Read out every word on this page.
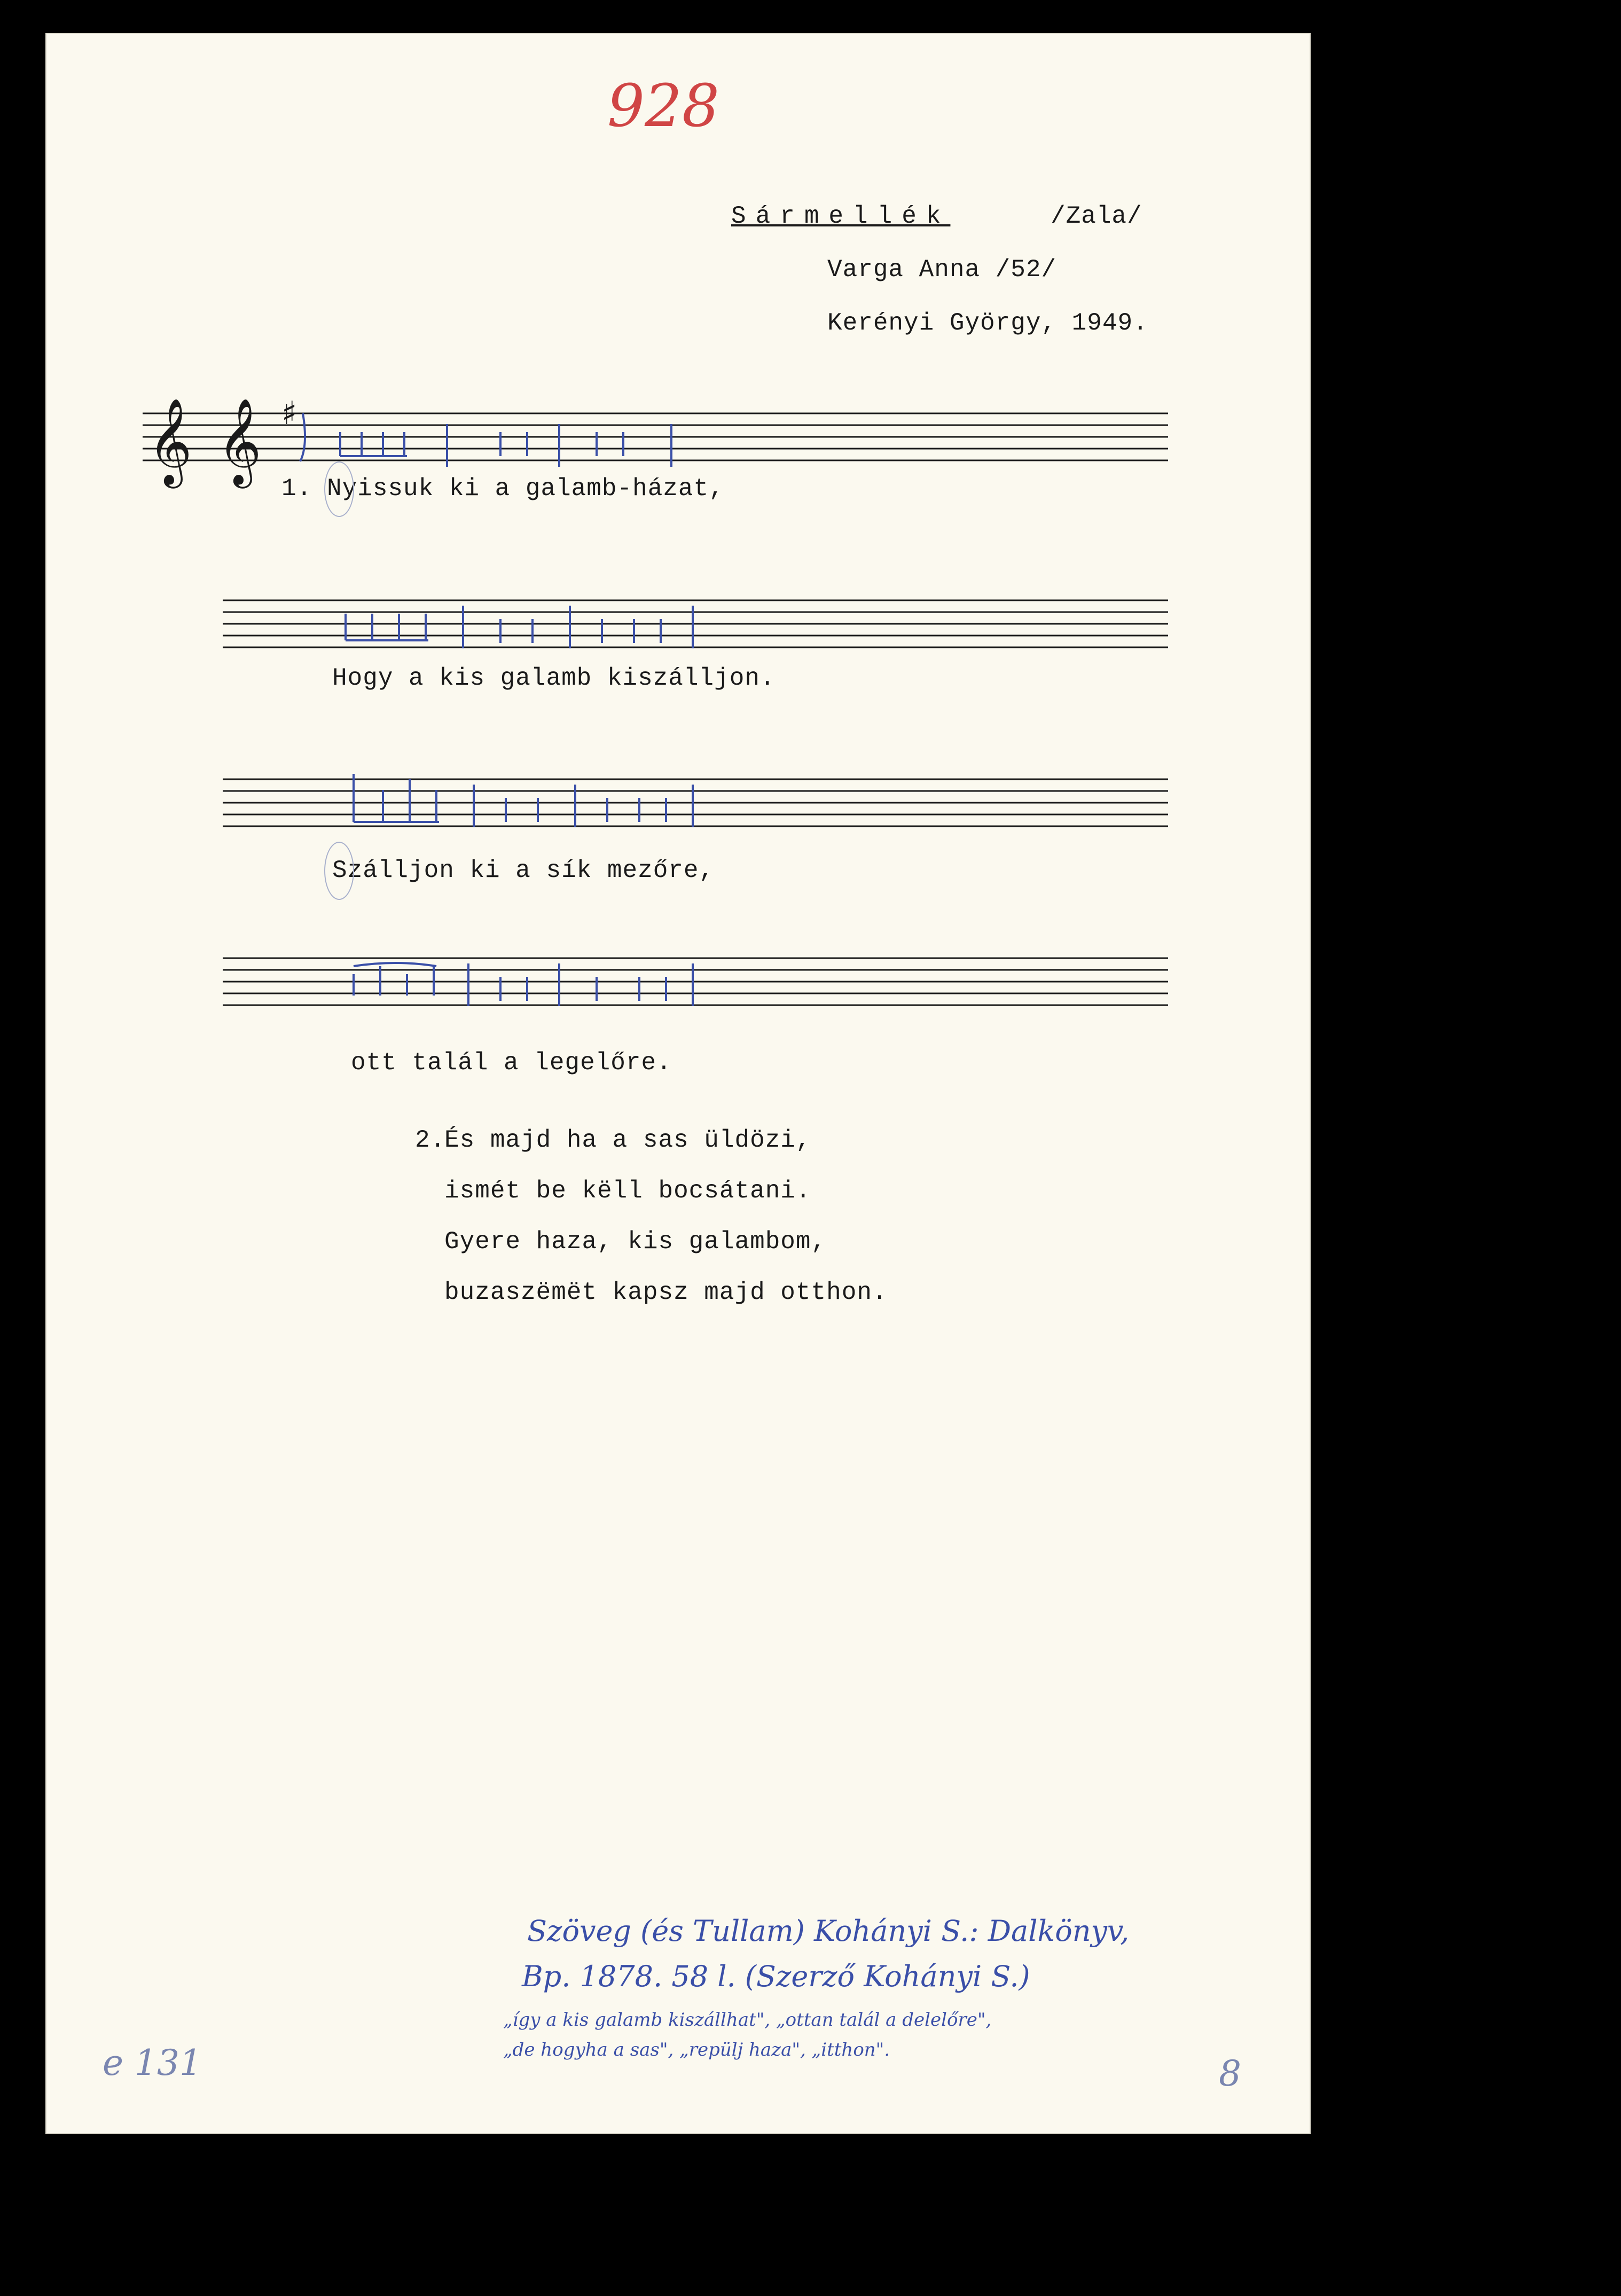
928
Sármellék	/Zala/
Varga Anna /52/
Kerényi György, 1949.
𝄞 𝄞 ♯
1. Nyissuk ki a galamb-házat,
Hogy a kis galamb kiszálljon.
Szálljon ki a sík mezőre,
ott talál a legelőre.
2.
És majd ha a sas üldözi,
ismét be këll bocsátani.
Gyere haza, kis galambom,
buzaszëmët kapsz majd otthon.
Szöveg (és Tullam) Kohányi S.: Dalkönyv,
Bp. 1878. 58 l. (Szerző Kohányi S.)
„így a kis galamb kiszállhat", „ottan talál a delelőre",
„de hogyha a sas", „repülj haza", „itthon".
e 131	8
